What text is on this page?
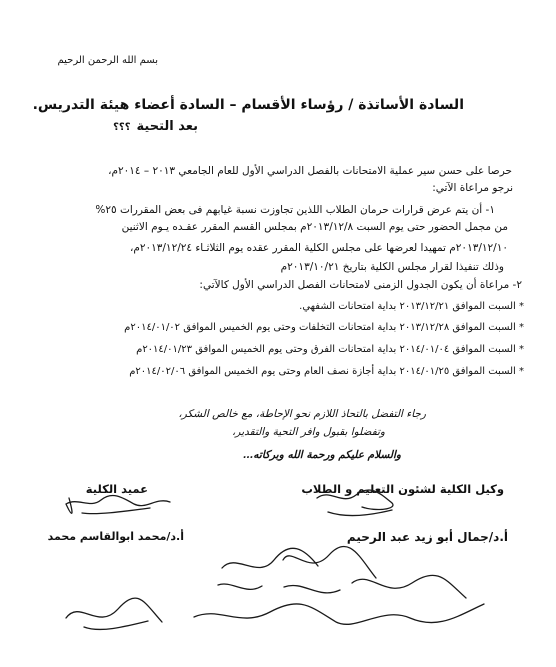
بسم الله الرحمن الرحيم
السادة الأساتذة / رؤساء الأقسام – السادة أعضاء هيئة التدريس.
بعد التحية؟؟؟
حرصا على حسن سير عملية الامتحانات بالفصل الدراسي الأول للعام الجامعي ٢٠١٣ – ٢٠١٤م،
نرجو مراعاة الآتي:
١- أن يتم عرض قرارات حرمان الطلاب اللذين تجاوزت نسبة غيابهم فى بعض المقررات ٢٥%
من مجمل الحضور حتى يوم السبت ٢٠١٣/١٢/٨م بمجلس القسم المقرر عقـده يـوم الاثنين
٢٠١٣/١٢/١٠م تمهيدا لعرضها على مجلس الكلية المقرر عقده يوم الثلاثـاء ٢٠١٣/١٢/٢٤م،
وذلك تنفيذا لقرار مجلس الكلية بتاريخ ٢٠١٣/١٠/٢١م
٢- مراعاة أن يكون الجدول الزمنى لامتحانات الفصل الدراسي الأول كالآتي:
* السبت الموافق ٢٠١٣/١٢/٢١ بداية امتحانات الشفهي.
* السبت الموافق ٢٠١٣/١٢/٢٨ بداية امتحانات التخلفات وحتى يوم الخميس الموافق ٢٠١٤/٠١/٠٢م
* السبت الموافق ٢٠١٤/٠١/٠٤ بداية امتحانات الفرق وحتى يوم الخميس الموافق ٢٠١٤/٠١/٢٣م
* السبت الموافق ٢٠١٤/٠١/٢٥ بداية أجازة نصف العام وحتى يوم الخميس الموافق ٢٠١٤/٠٢/٠٦م
رجاء التفضل بالتحاذ اللازم نحو الإحاطة، مع خالص الشكر،
وتفضلوا بقبول وافر التحية والتقدير،
والسلام عليكم ورحمة الله وبركاته…
وكيل الكلية لشئون التعليم و الطلاب
عميد الكلية
أ.د/جمال أبو زيد عبد الرحيم
أ.د/محمد ابوالقاسم محمد
